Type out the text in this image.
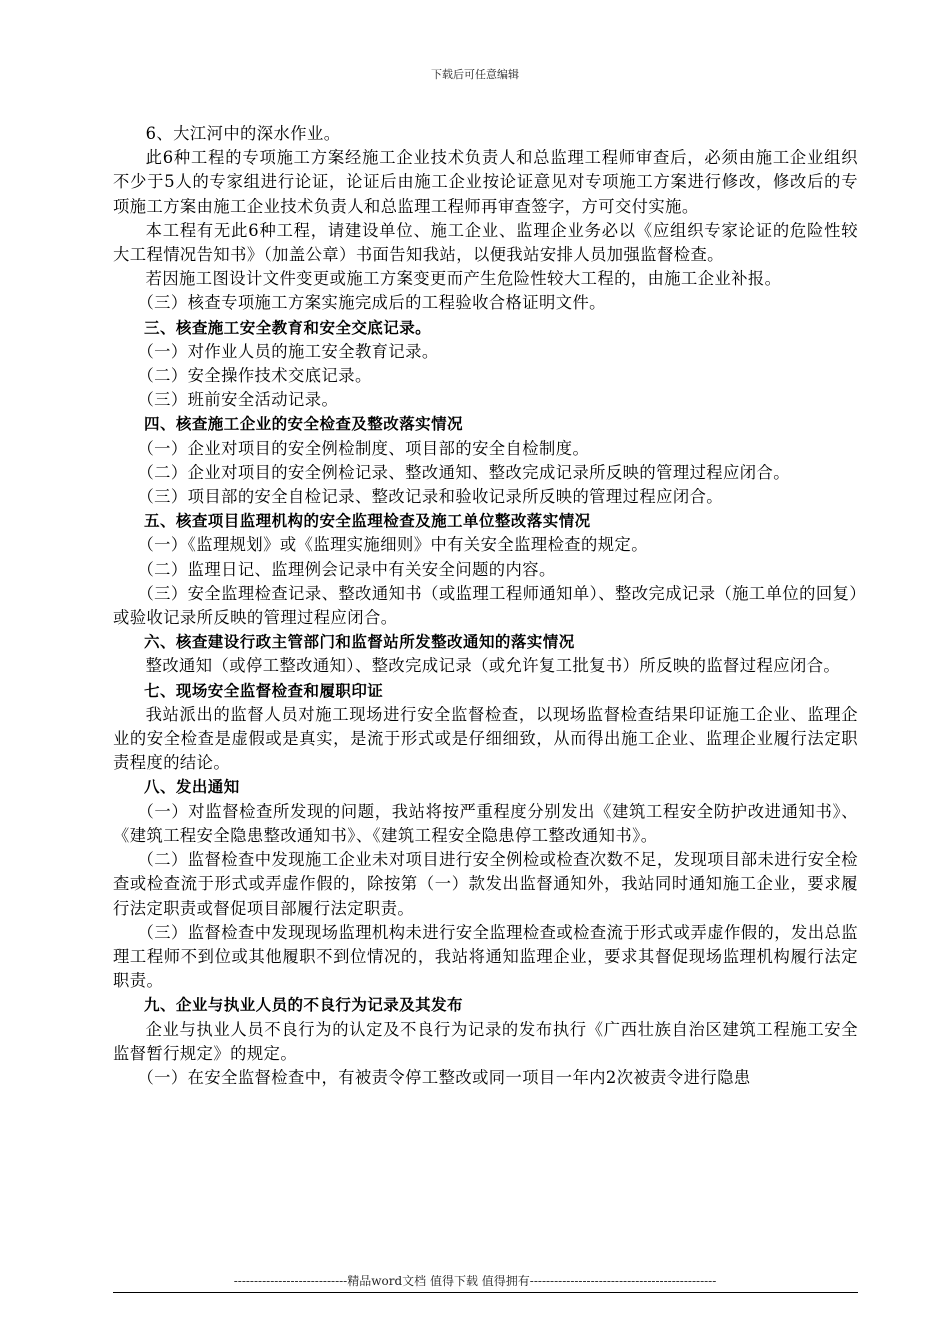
下载后可任意编辑

6、大江河中的深水作业。

此6种工程的专项施工方案经施工企业技术负责人和总监理工程师审查后，必须由施工企业组织不少于5人的专家组进行论证，论证后由施工企业按论证意见对专项施工方案进行修改，修改后的专项施工方案由施工企业技术负责人和总监理工程师再审查签字，方可交付实施。

本工程有无此6种工程，请建设单位、施工企业、监理企业务必以《应组织专家论证的危险性较大工程情况告知书》（加盖公章）书面告知我站，以便我站安排人员加强监督检查。

若因施工图设计文件变更或施工方案变更而产生危险性较大工程的，由施工企业补报。

（三）核查专项施工方案实施完成后的工程验收合格证明文件。

三、核查施工安全教育和安全交底记录。

（一）对作业人员的施工安全教育记录。

（二）安全操作技术交底记录。

（三）班前安全活动记录。

四、核查施工企业的安全检查及整改落实情况

（一）企业对项目的安全例检制度、项目部的安全自检制度。

（二）企业对项目的安全例检记录、整改通知、整改完成记录所反映的管理过程应闭合。

（三）项目部的安全自检记录、整改记录和验收记录所反映的管理过程应闭合。

五、核查项目监理机构的安全监理检查及施工单位整改落实情况

（一）《监理规划》或《监理实施细则》中有关安全监理检查的规定。

（二）监理日记、监理例会记录中有关安全问题的内容。

（三）安全监理检查记录、整改通知书（或监理工程师通知单）、整改完成记录（施工单位的回复）或验收记录所反映的管理过程应闭合。

六、核查建设行政主管部门和监督站所发整改通知的落实情况

整改通知（或停工整改通知）、整改完成记录（或允许复工批复书）所反映的监督过程应闭合。

七、现场安全监督检查和履职印证

我站派出的监督人员对施工现场进行安全监督检查，以现场监督检查结果印证施工企业、监理企业的安全检查是虚假或是真实，是流于形式或是仔细细致，从而得出施工企业、监理企业履行法定职责程度的结论。

八、发出通知

（一）对监督检查所发现的问题，我站将按严重程度分别发出《建筑工程安全防护改进通知书》、《建筑工程安全隐患整改通知书》、《建筑工程安全隐患停工整改通知书》。

（二）监督检查中发现施工企业未对项目进行安全例检或检查次数不足，发现项目部未进行安全检查或检查流于形式或弄虚作假的，除按第（一）款发出监督通知外，我站同时通知施工企业，要求履行法定职责或督促项目部履行法定职责。

（三）监督检查中发现现场监理机构未进行安全监理检查或检查流于形式或弄虚作假的，发出总监理工程师不到位或其他履职不到位情况的，我站将通知监理企业，要求其督促现场监理机构履行法定职责。

九、企业与执业人员的不良行为记录及其发布

企业与执业人员不良行为的认定及不良行为记录的发布执行《广西壮族自治区建筑工程施工安全监督暂行规定》的规定。

（一）在安全监督检查中，有被责令停工整改或同一项目一年内2次被责令进行隐患

----------------------------精品word文档 值得下载 值得拥有----------------------------------------------
